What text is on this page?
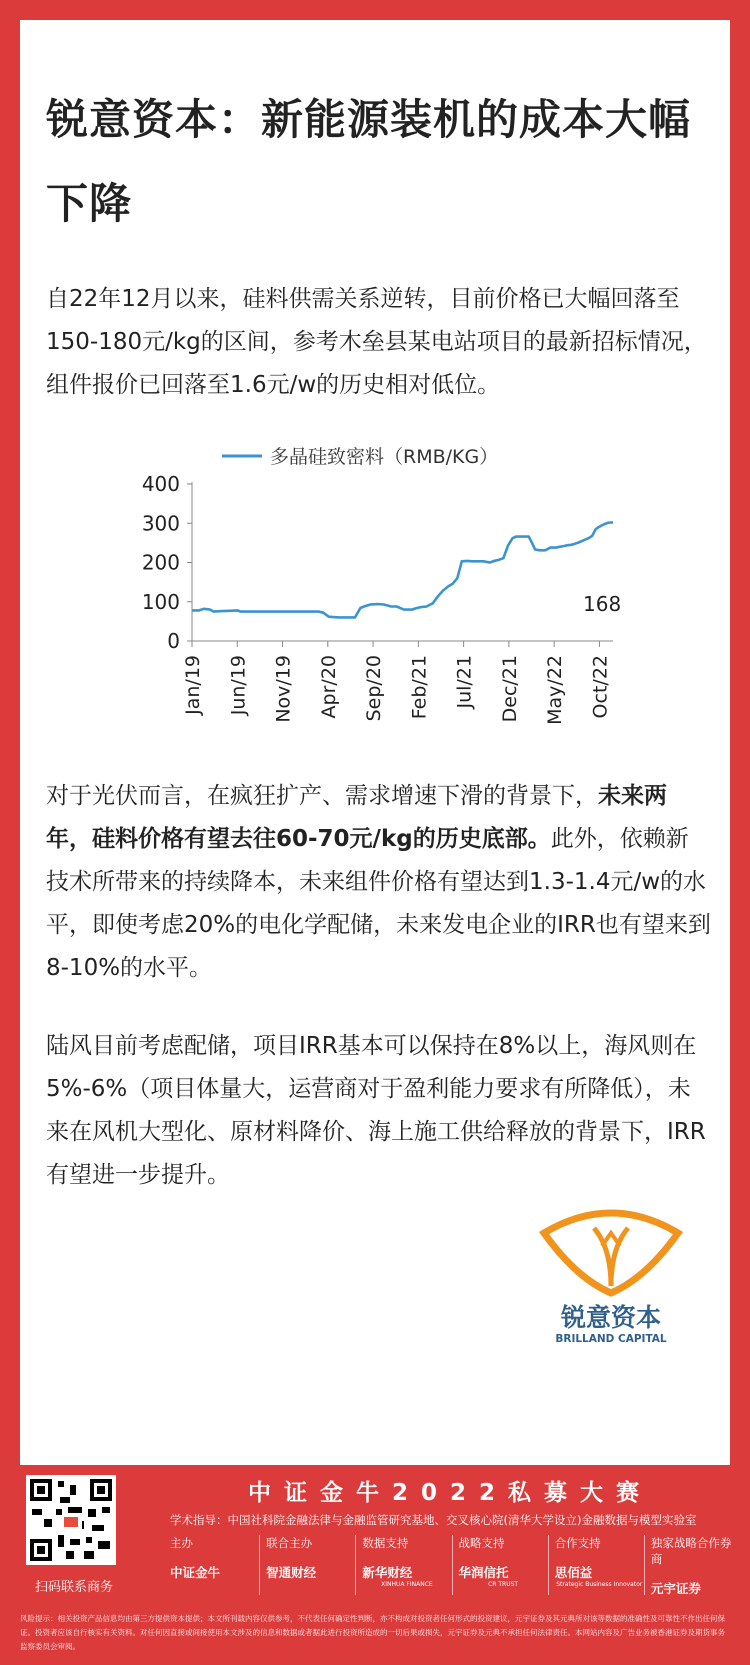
锐意资本：新能源装机的成本大幅下降
自22年12月以来，硅料供需关系逆转，目前价格已大幅回落至150-180元/kg的区间，参考木垒县某电站项目的最新招标情况，组件报价已回落至1.6元/w的历史相对低位。
多晶硅致密料（RMB/KG）
0
100
200
300
400
Jan/19 Jun/19 Nov/19 Apr/20 Sep/20 Feb/21 Jul/21 Dec/21 May/22 Oct/22
168
对于光伏而言，在疯狂扩产、需求增速下滑的背景下，未来两年，硅料价格有望去往60-70元/kg的历史底部。此外，依赖新技术所带来的持续降本，未来组件价格有望达到1.3-1.4元/w的水平，即使考虑20%的电化学配储，未来发电企业的IRR也有望来到8-10%的水平。
陆风目前考虑配储，项目IRR基本可以保持在8%以上，海风则在5%-6%（项目体量大，运营商对于盈利能力要求有所降低），未来在风机大型化、原材料降价、海上施工供给释放的背景下，IRR有望进一步提升。
锐意资本
BRILLAND CAPITAL
扫码联系商务
中证金牛2022私募大赛
学术指导：中国社科院金融法律与金融监管研究基地、交叉核心院(清华大学设立)金融数据与模型实验室
主办
中证金牛
联合主办
智通财经
数据支持
新华财经
XINHUA FINANCE
战略支持
华润信托
CR TRUST
合作支持
思佰益
Strategic Business Innovator
独家战略合作券商
元宇证券
风险提示：相关投资产品信息均由第三方提供资本提供；本文所刊载内容仅供参考，不代表任何确定性判断，亦不构成对投资者任何形式的投资建议，元宇证券及其元典所对该等数据的准确性及可靠性不作出任何保证。投资者应该自行核实有关资料。对任何因直接或间接使用本文涉及的信息和数据或者据此进行投资所造成的一切后果或损失，元宇证券及元典不承担任何法律责任。本网站内容及广告业务被香港证券及期货事务监察委员会审阅。
